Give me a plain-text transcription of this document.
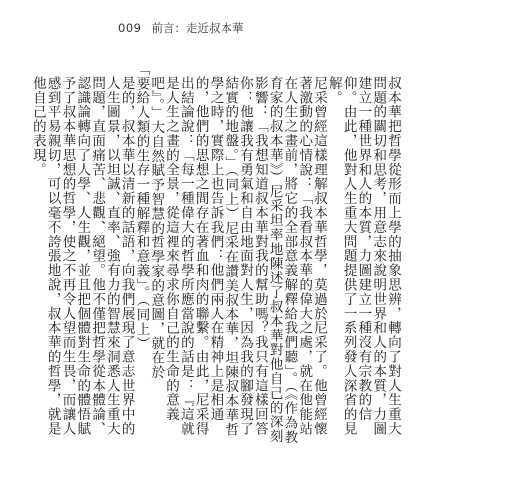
009 前言：走近叔本華

叔本華把哲學從形而上學的抽象思辨，轉向了對人生重大問題的關切和思考，用意志來說明世界和人的本質，力圖建立一種世界和人的本質，力圖建立一種沒有宗教的信仰。由此，他對人生重大問題提供了一系列發人深省的見解。

尼采曾經這樣理解叔本華哲學，莫過於尼采了。他曾經懷著激動的心情說：「我看叔本華的偉大之處，就在他能站在人生之畫前，將它的全部意義解釋給我們聽」。（《作為教育家的叔本華》）尼采坦率地陳述了叔本華對他自己的深刻影響：「我想知道叔本華對我的幫助嗎？我只有這樣回答你：他讓我有勇氣和自由地面對人生，因為我的腳發現了結實的地盤。」（同上）尼采在讚美叔本華，坦陳叔本華哲學之時，實際上也告訴我們：他們兩人在精神上是相通的，他們的思想之間存在著血和肉的聯繫。由此，尼采得出結論說：「每一種偉大的哲學所應當說的話是：『這就是人生之畫的全景，從這裡來尋求你自己的生命的意義吧』。」大自然賦予智慧的哲學家的意圖，就在於

「要給人類的生存一種解釋和意義」。（同上）

是的，叔本華以清新的話語，向我們展現了意志世界中的人生圖景，以坦誠、直率、強有力的智慧來洞悉人生重大問題，直面痛苦、悲觀、絕望。他不僅把哲學從本體論、認識論轉向了人學、人生觀，並且把個體對生命的體悟賦予了叔本華思想的哲學，使之不再令人望而生畏，而讓人感到平易親切，可以毫不誇張地說，叔本華的哲學，就是他自己的表現。
